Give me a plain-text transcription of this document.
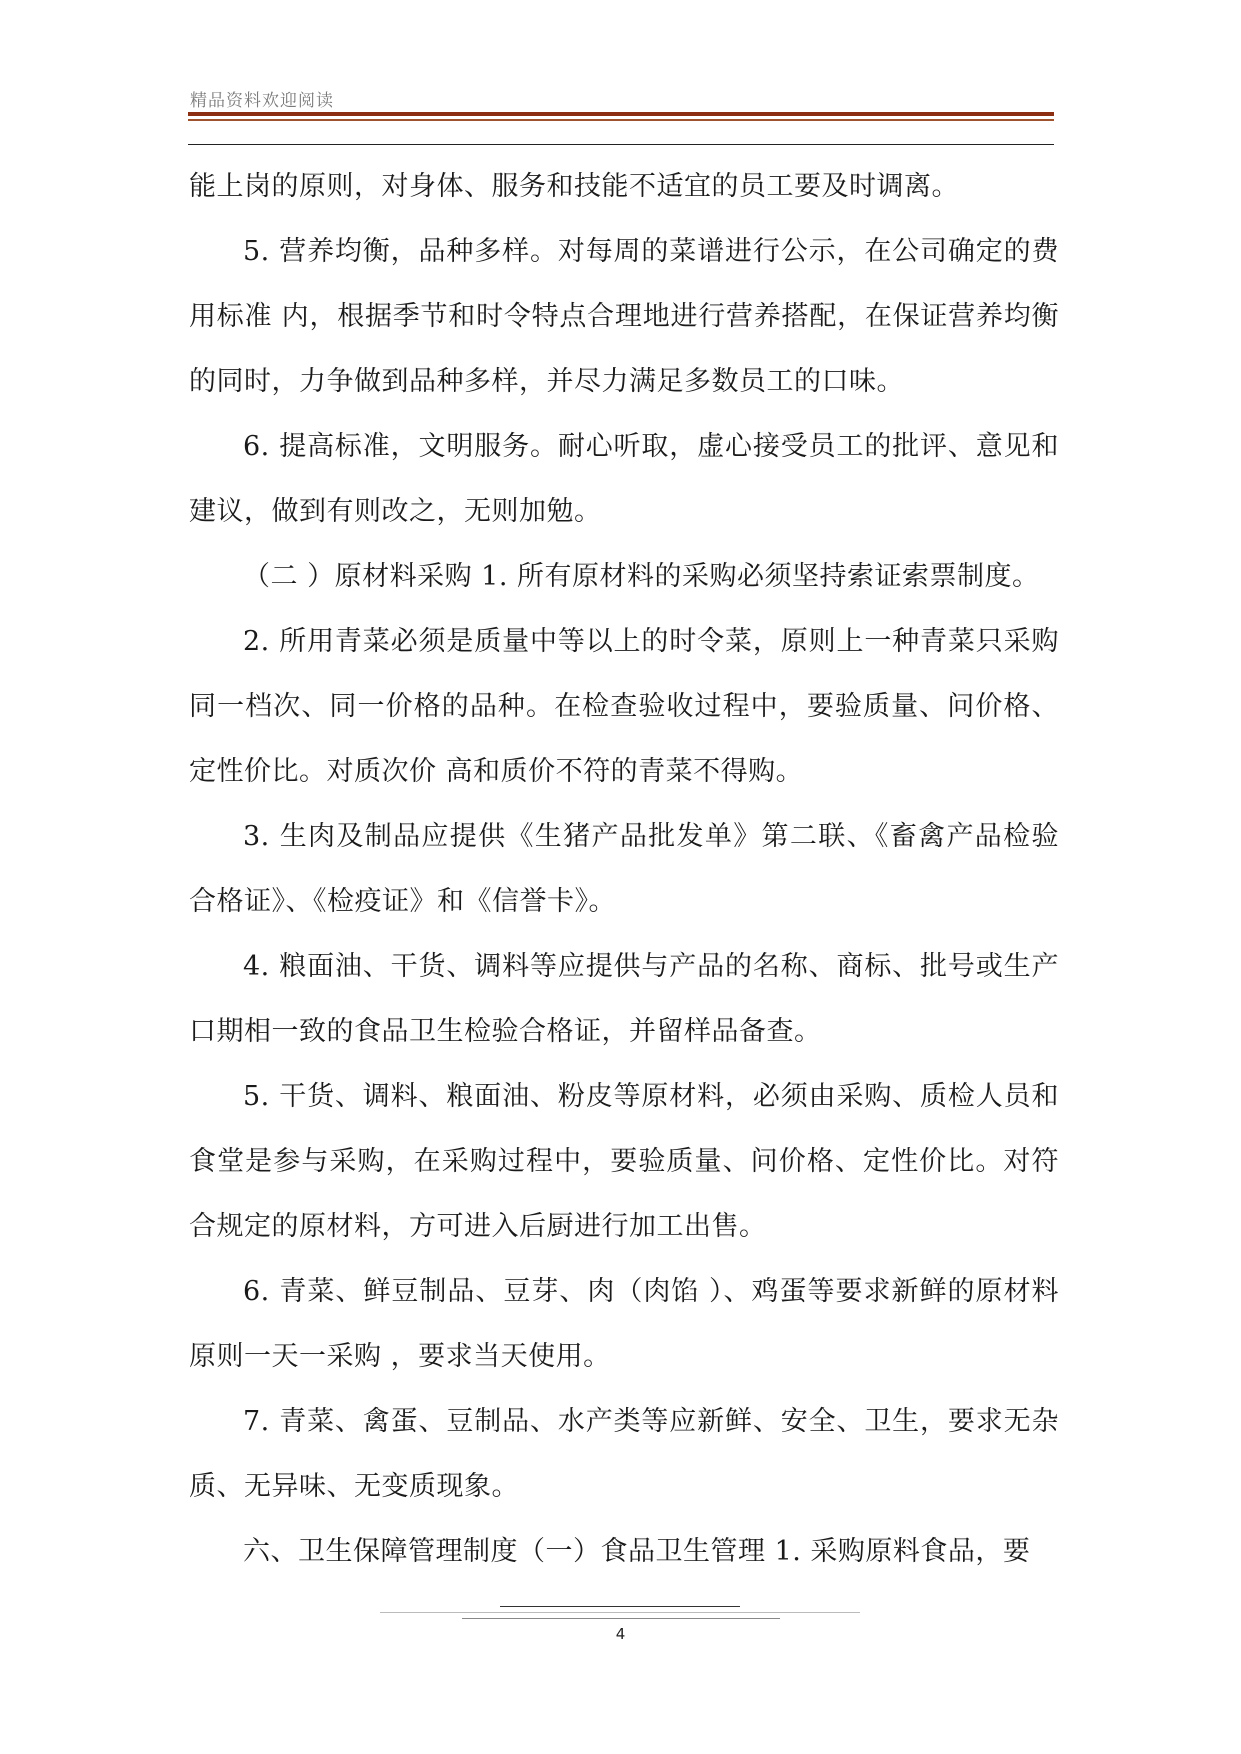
精品资料欢迎阅读

能上岗的原则，对身体、服务和技能不适宜的员工要及时调离。

5. 营养均衡，品种多样。对每周的菜谱进行公示，在公司确定的费用标准 内，根据季节和时令特点合理地进行营养搭配，在保证营养均衡的同时，力争做到品种多样，并尽力满足多数员工的口味。

6. 提高标准，文明服务。耐心听取，虚心接受员工的批评、意见和建议，做到有则改之，无则加勉。

（二 ）原材料采购 1. 所有原材料的采购必须坚持索证索票制度。

2. 所用青菜必须是质量中等以上的时令菜，原则上一种青菜只采购同一档次、同一价格的品种。在检查验收过程中，要验质量、问价格、定性价比。对质次价 高和质价不符的青菜不得购。

3. 生肉及制品应提供《生猪产品批发单》第二联、《畜禽产品检验合格证》、《检疫证》和《信誉卡》。

4. 粮面油、干货、调料等应提供与产品的名称、商标、批号或生产口期相一致的食品卫生检验合格证，并留样品备查。

5. 干货、调料、粮面油、粉皮等原材料，必须由采购、质检人员和食堂是参与采购，在采购过程中，要验质量、问价格、定性价比。对符合规定的原材料，方可进入后厨进行加工出售。

6. 青菜、鲜豆制品、豆芽、肉（肉馅 ）、鸡蛋等要求新鲜的原材料原则一天一采购 ，要求当天使用。

7. 青菜、禽蛋、豆制品、水产类等应新鲜、安全、卫生，要求无杂质、无异味、无变质现象。

六、卫生保障管理制度（一）食品卫生管理 1. 采购原料食品，要

4
